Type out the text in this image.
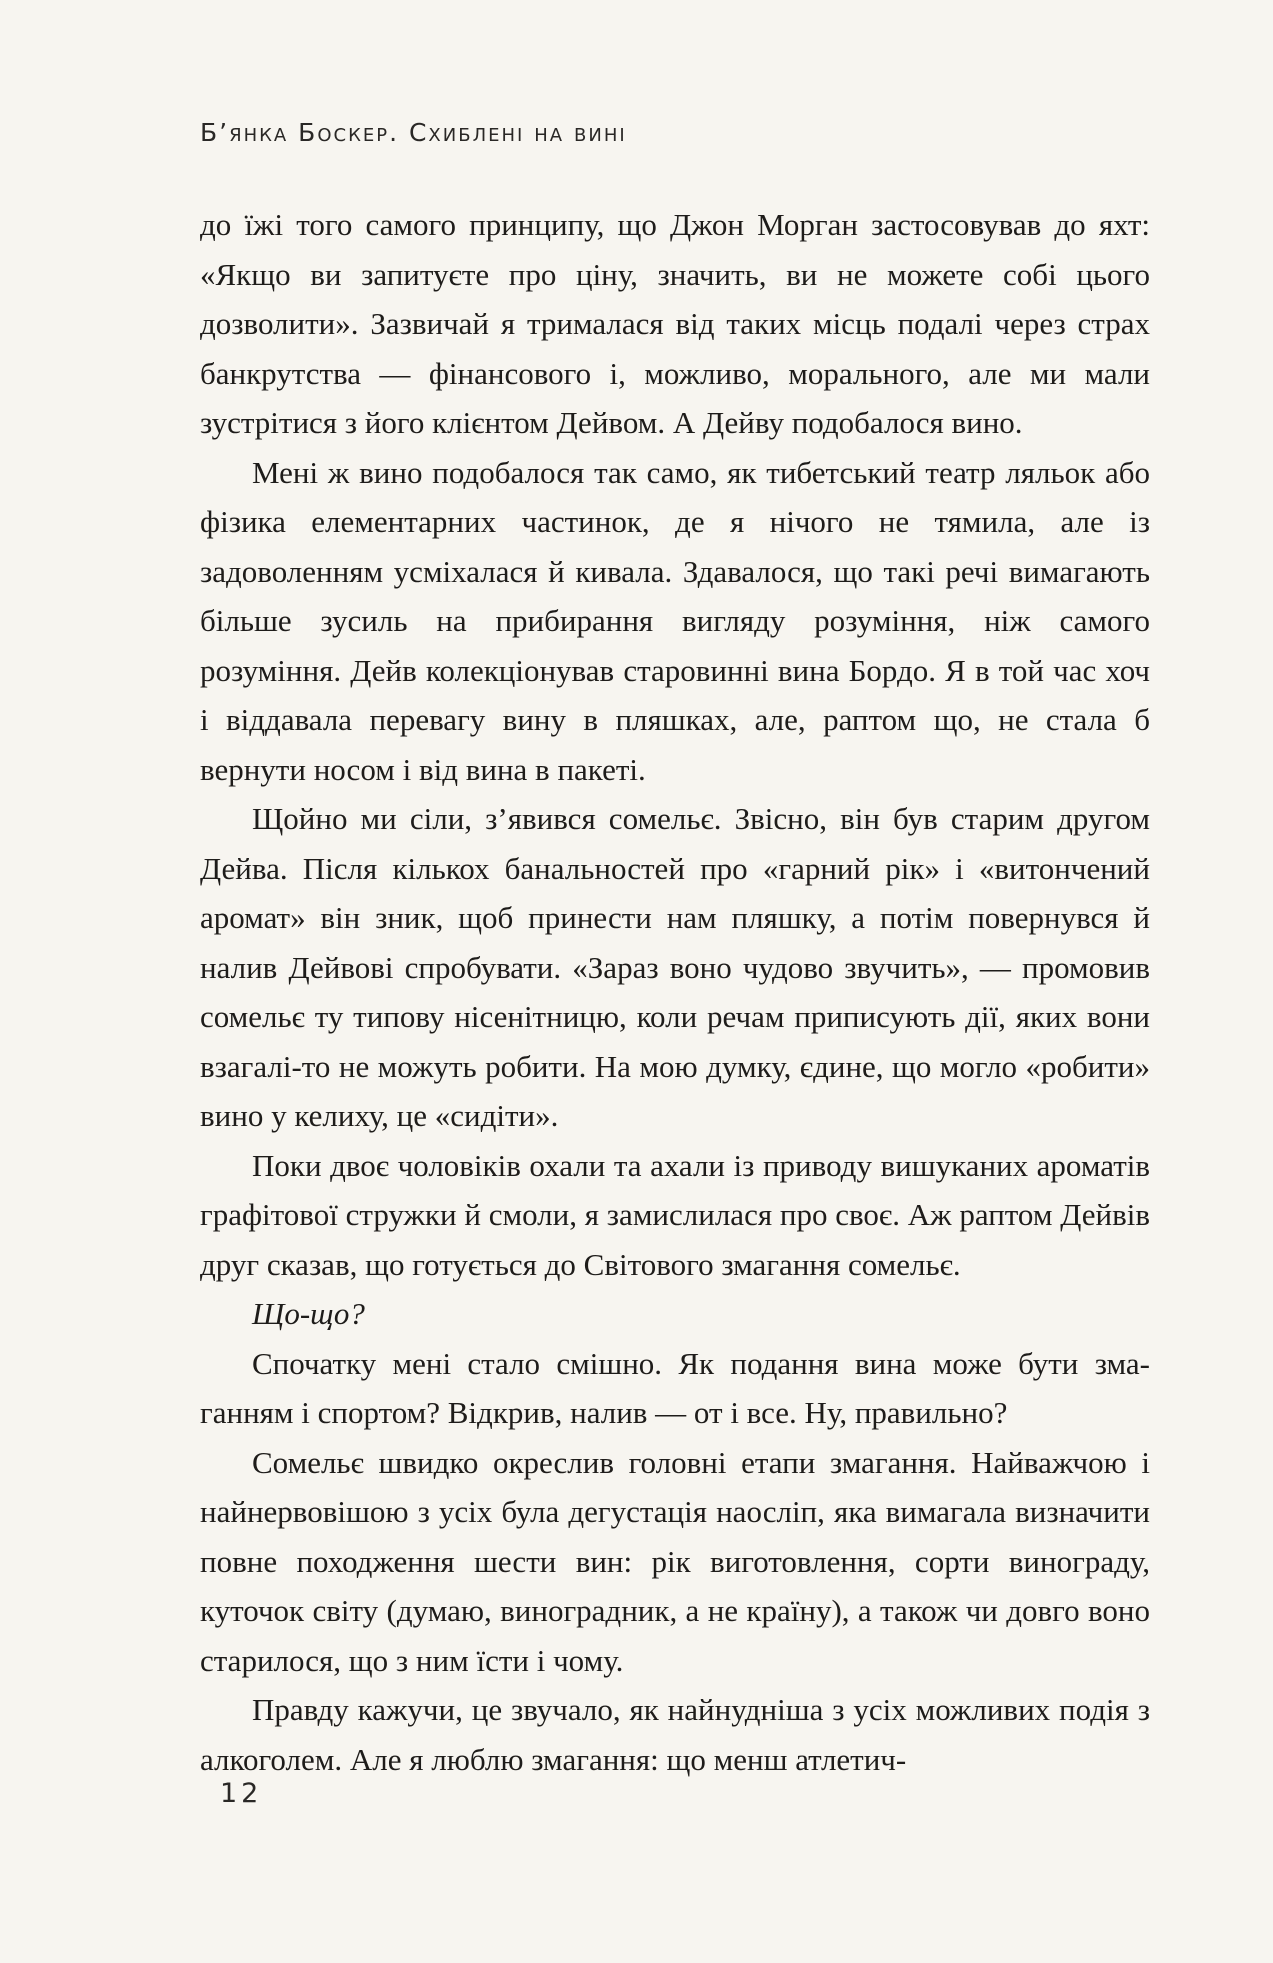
Б’янка Боскер. Схиблені на вині

до їжі того самого принципу, що Джон Морган застосовував до яхт: «Якщо ви запитуєте про ціну, значить, ви не можете собі цього дозволити». Зазвичай я трималася від таких місць подалі через страх банкрутства — фінансового і, можливо, морального, але ми мали зустрітися з його клієнтом Дейвом. А Дейву подобалося вино.

Мені ж вино подобалося так само, як тибетський театр ляльок або фізика елементарних частинок, де я нічого не тямила, але із задоволенням усміхалася й кивала. Здавалося, що такі речі вимагають більше зусиль на прибирання вигляду розуміння, ніж самого розуміння. Дейв колекціонував старовинні вина Бордо. Я в той час хоч і віддавала перевагу вину в пляшках, але, раптом що, не стала б вернути носом і від вина в пакеті.

Щойно ми сіли, з’явився сомельє. Звісно, він був старим другом Дейва. Після кількох банальностей про «гарний рік» і «витончений аромат» він зник, щоб принести нам пляшку, а потім повернувся й налив Дейвові спробувати. «Зараз воно чудово звучить», — промовив сомельє ту типову нісенітницю, коли речам приписують дії, яких вони взагалі-то не можуть робити. На мою думку, єдине, що могло «робити» вино у келиху, це «сидіти».

Поки двоє чоловіків охали та ахали із приводу вишуканих ароматів графітової стружки й смоли, я замислилася про своє. Аж раптом Дейвів друг сказав, що готується до Світового змагання сомельє.

Що-що?

Спочатку мені стало смішно. Як подання вина може бути змаганням і спортом? Відкрив, налив — от і все. Ну, правильно?

Сомельє швидко окреслив головні етапи змагання. Найважчою і найнервовішою з усіх була дегустація наосліп, яка вимагала визначити повне походження шести вин: рік виготовлення, сорти винограду, куточок світу (думаю, виноградник, а не країну), а також чи довго воно старилося, що з ним їсти і чому.

Правду кажучи, це звучало, як найнудніша з усіх можливих подія з алкоголем. Але я люблю змагання: що менш атлетич-

12
